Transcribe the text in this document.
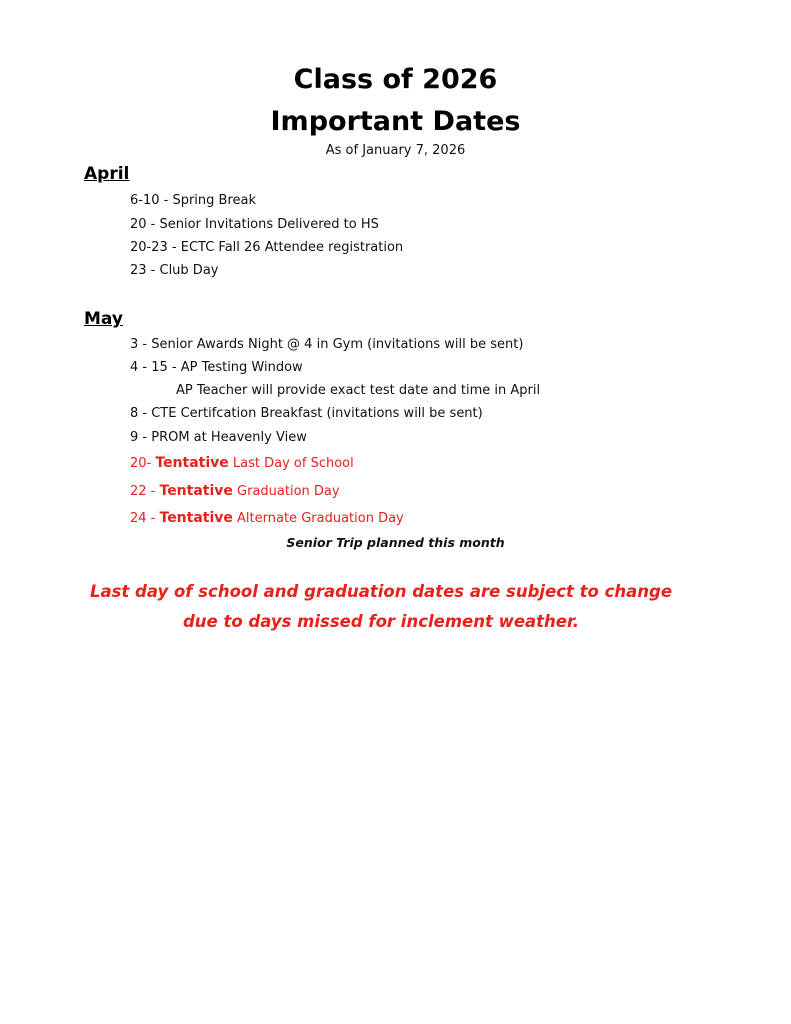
Class of 2026
Important Dates
As of January 7, 2026
April
6-10 - Spring Break
20 - Senior Invitations Delivered to HS
20-23 - ECTC Fall 26 Attendee registration
23 - Club Day
May
3 - Senior Awards Night @ 4 in Gym (invitations will be sent)
4 - 15 - AP Testing Window
AP Teacher will provide exact test date and time in April
8 - CTE Certifcation Breakfast (invitations will be sent)
9 - PROM at Heavenly View
20- Tentative Last Day of School
22 - Tentative Graduation Day
24 - Tentative Alternate Graduation Day
Senior Trip planned this month
Last day of school and graduation dates are subject to change
due to days missed for inclement weather.
